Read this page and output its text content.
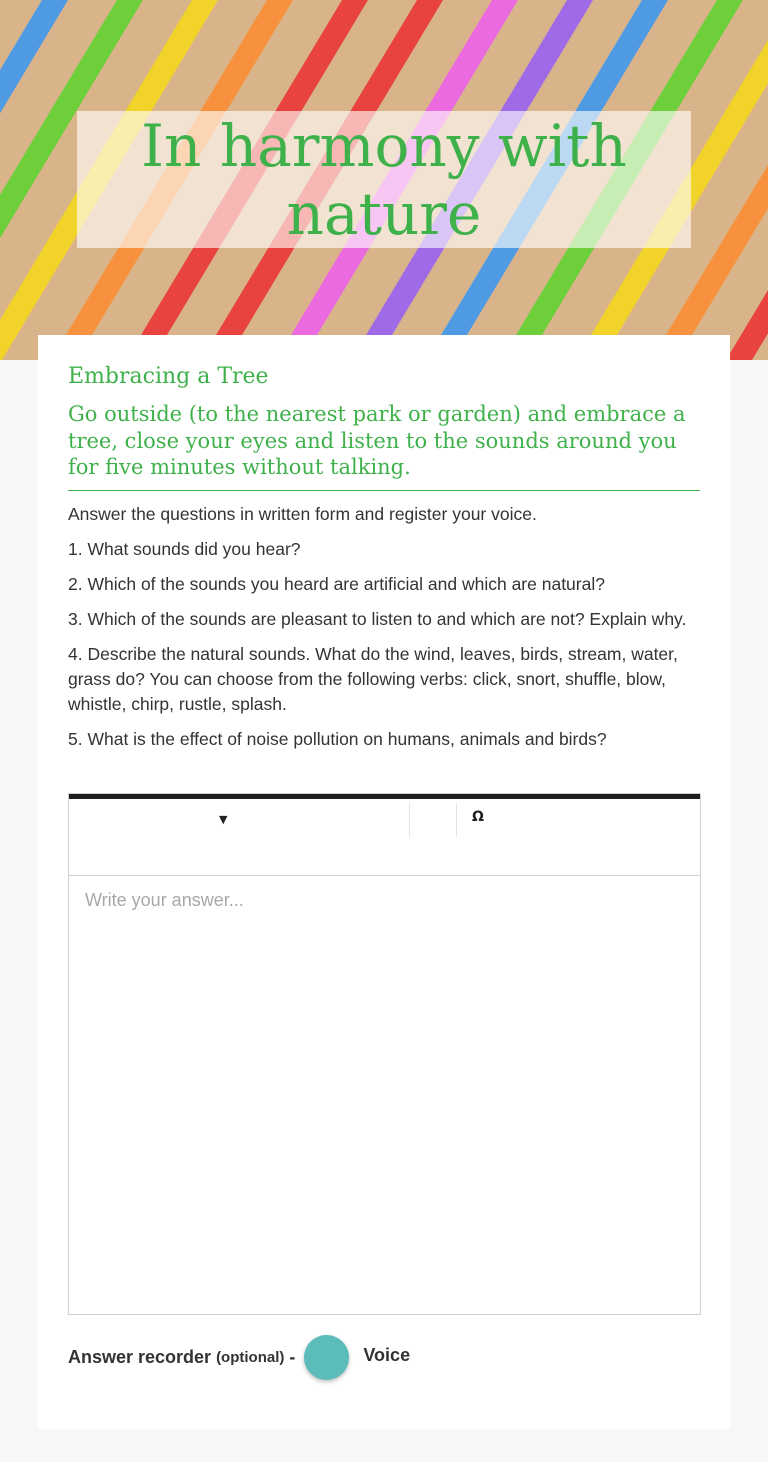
In harmony with nature
Embracing a Tree

Go outside (to the nearest park or garden) and embrace a tree, close your eyes and listen to the sounds around you for five minutes without talking.

Answer the questions in written form and register your voice.

1. What sounds did you hear?

2. Which of the sounds you heard are artificial and which are natural?

3. Which of the sounds are pleasant to listen to and which are not? Explain why.

4. Describe the natural sounds. What do the wind, leaves, birds, stream, water, grass do? You can choose from the following verbs: click, snort, shuffle, blow, whistle, chirp, rustle, splash.

5. What is the effect of noise pollution on humans, ani⁠mals and birds?

▼	Ω
Write your answer...
Answer recorder (optional) -	Voice
